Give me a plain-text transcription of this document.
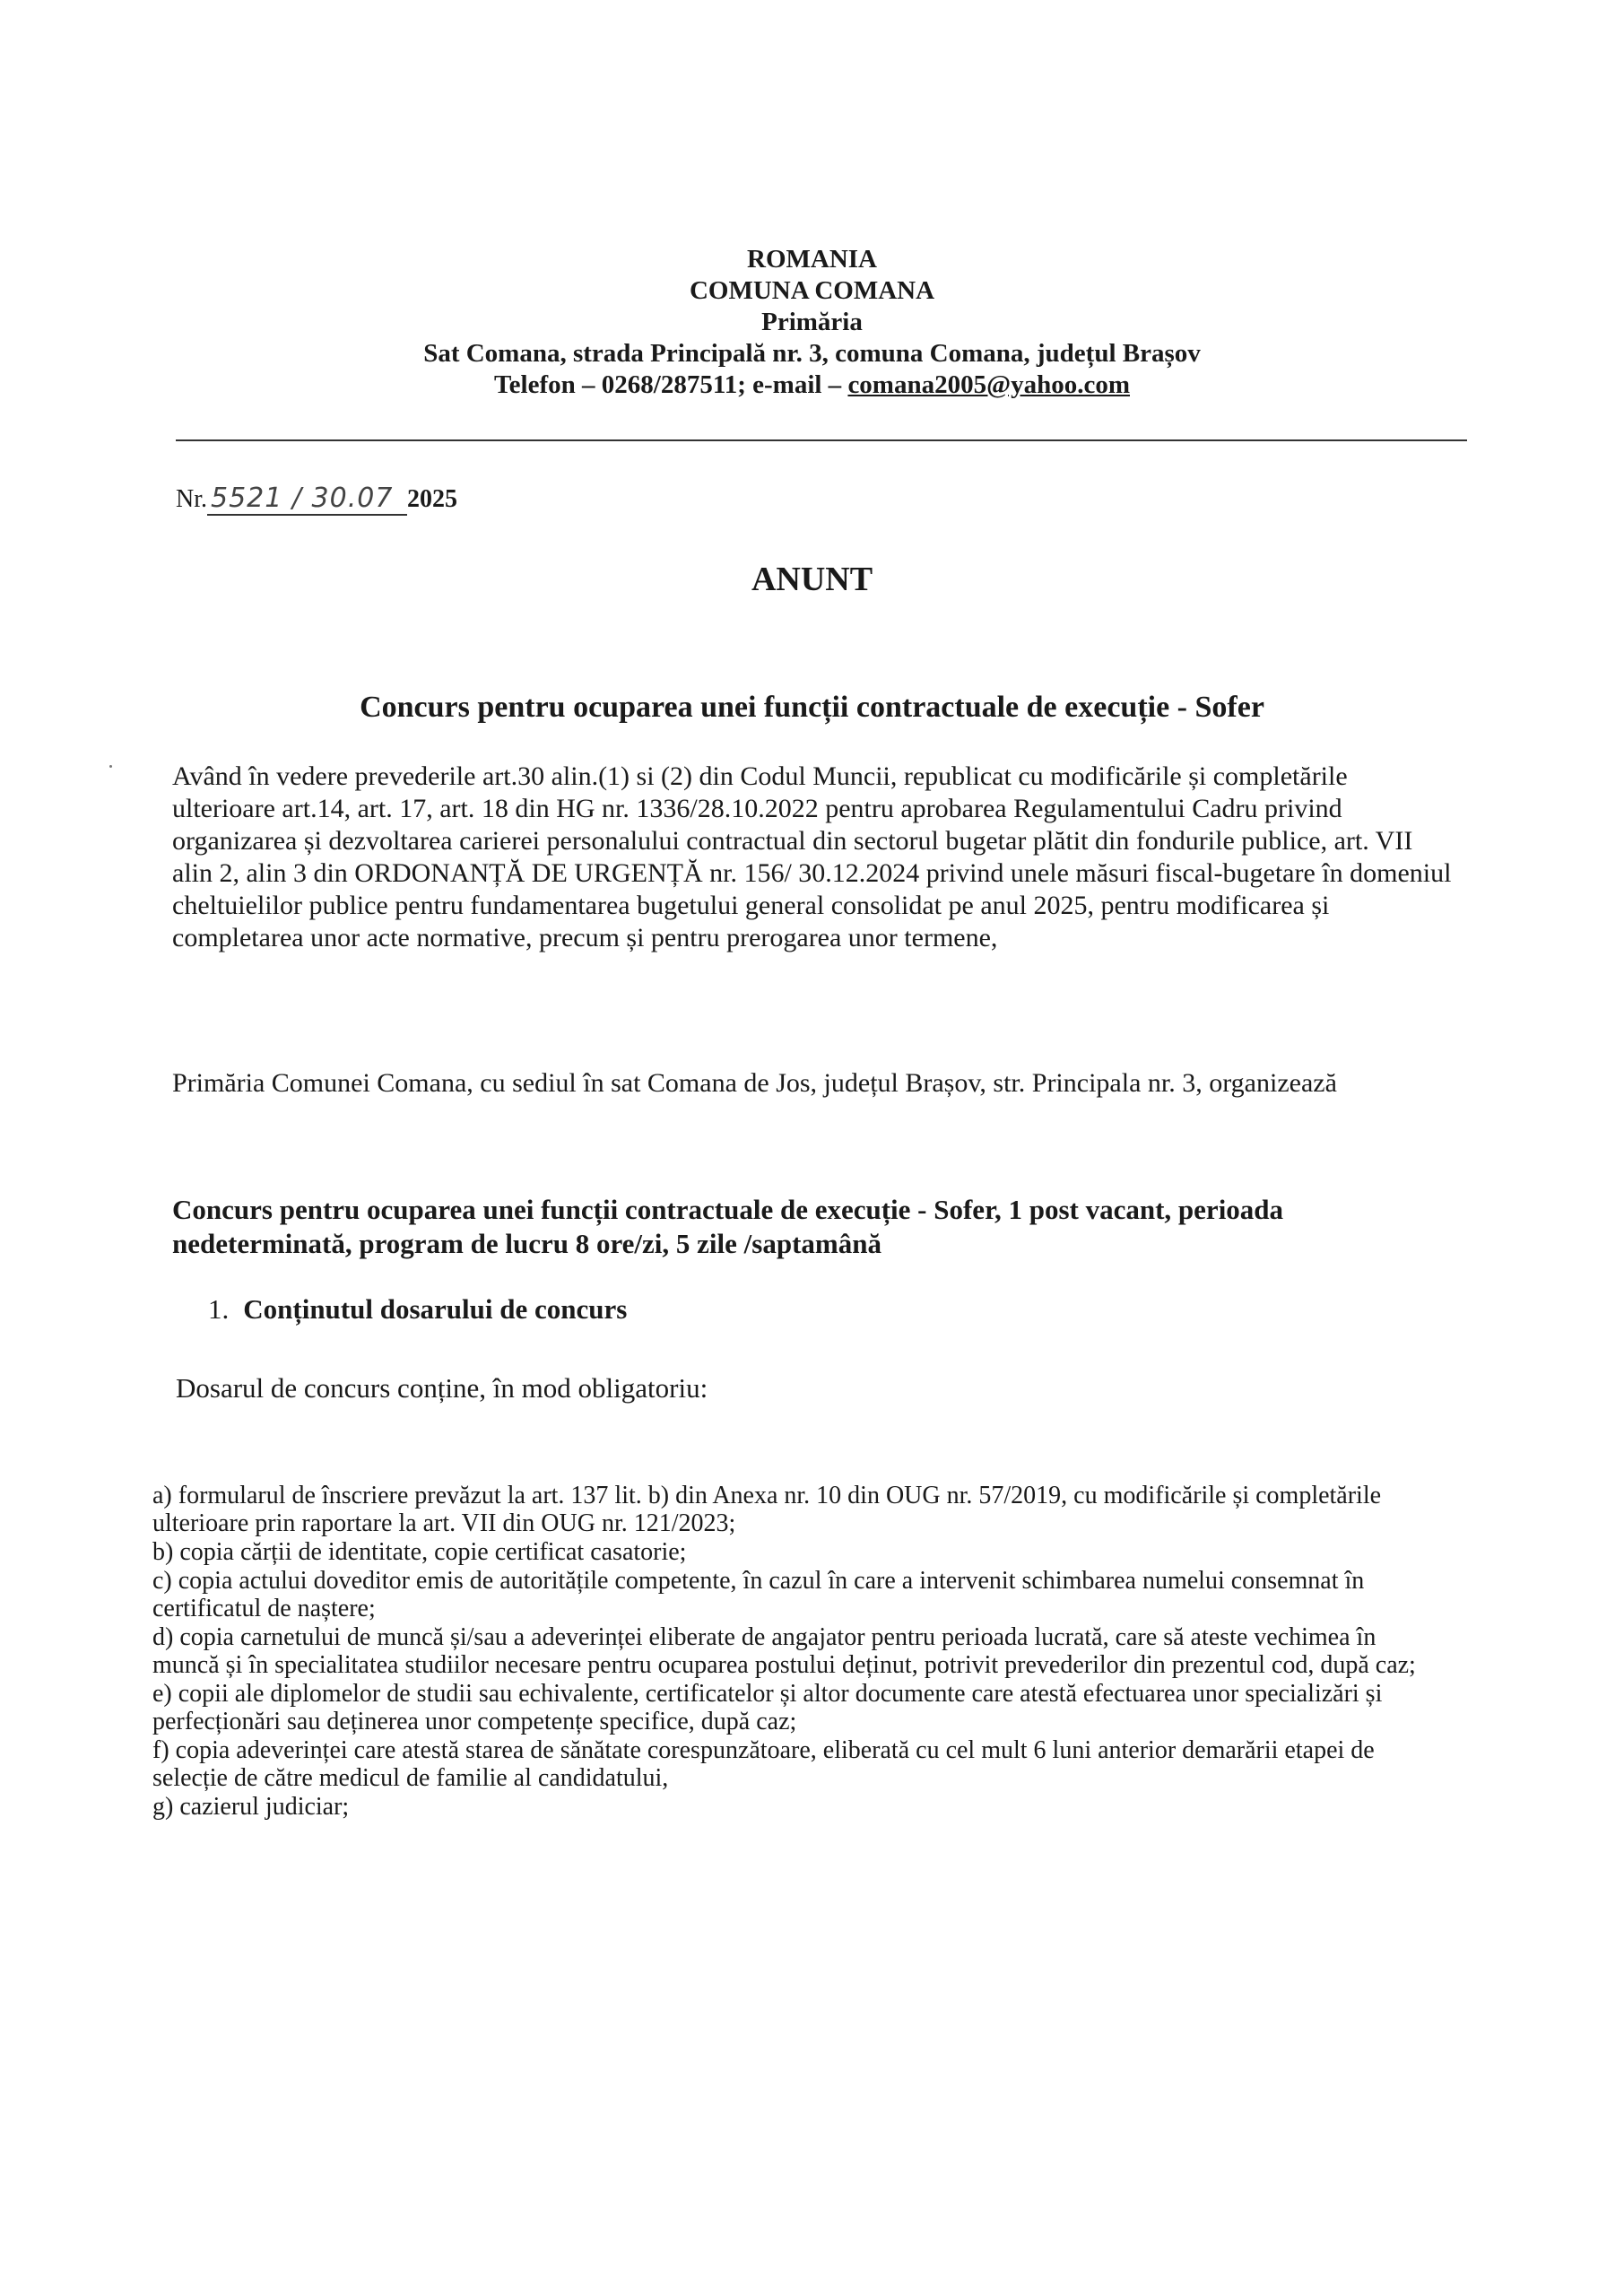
ROMANIA
COMUNA COMANA
Primăria
Sat Comana, strada Principală nr. 3, comuna Comana, județul Brașov
Telefon – 0268/287511; e-mail – comana2005@yahoo.com
Nr. 5521 / 30.07 2025
ANUNT
Concurs pentru ocuparea unei funcții contractuale de execuție - Sofer

Având în vedere prevederile art.30 alin.(1) si (2) din Codul Muncii, republicat cu modificările și completările ulterioare art.14, art. 17, art. 18 din HG nr. 1336/28.10.2022 pentru aprobarea Regulamentului Cadru privind organizarea și dezvoltarea carierei personalului contractual din sectorul bugetar plătit din fondurile publice, art. VII alin 2, alin 3 din ORDONANȚĂ DE URGENȚĂ nr. 156/ 30.12.2024 privind unele măsuri fiscal-bugetare în domeniul cheltuielilor publice pentru fundamentarea bugetului general consolidat pe anul 2025, pentru modificarea și completarea unor acte normative, precum și pentru prerogarea unor termene,

Primăria Comunei Comana, cu sediul în sat Comana de Jos, județul Brașov, str. Principala nr. 3, organizează

Concurs pentru ocuparea unei funcții contractuale de execuție - Sofer, 1 post vacant, perioada nedeterminată, program de lucru 8 ore/zi, 5 zile /saptamână

1. Conținutul dosarului de concurs

Dosarul de concurs conține, în mod obligatoriu:

a) formularul de înscriere prevăzut la art. 137 lit. b) din Anexa nr. 10 din OUG nr. 57/2019, cu modificările și completările ulterioare prin raportare la art. VII din OUG nr. 121/2023;
b) copia cărții de identitate, copie certificat casatorie;
c) copia actului doveditor emis de autoritățile competente, în cazul în care a intervenit schimbarea numelui consemnat în certificatul de naștere;
d) copia carnetului de muncă și/sau a adeverinței eliberate de angajator pentru perioada lucrată, care să ateste vechimea în muncă și în specialitatea studiilor necesare pentru ocuparea postului deținut, potrivit prevederilor din prezentul cod, după caz;
e) copii ale diplomelor de studii sau echivalente, certificatelor și altor documente care atestă efectuarea unor specializări și perfecționări sau deținerea unor competențe specifice, după caz;
f) copia adeverinței care atestă starea de sănătate corespunzătoare, eliberată cu cel mult 6 luni anterior demarării etapei de selecție de către medicul de familie al candidatului,
g) cazierul judiciar;
